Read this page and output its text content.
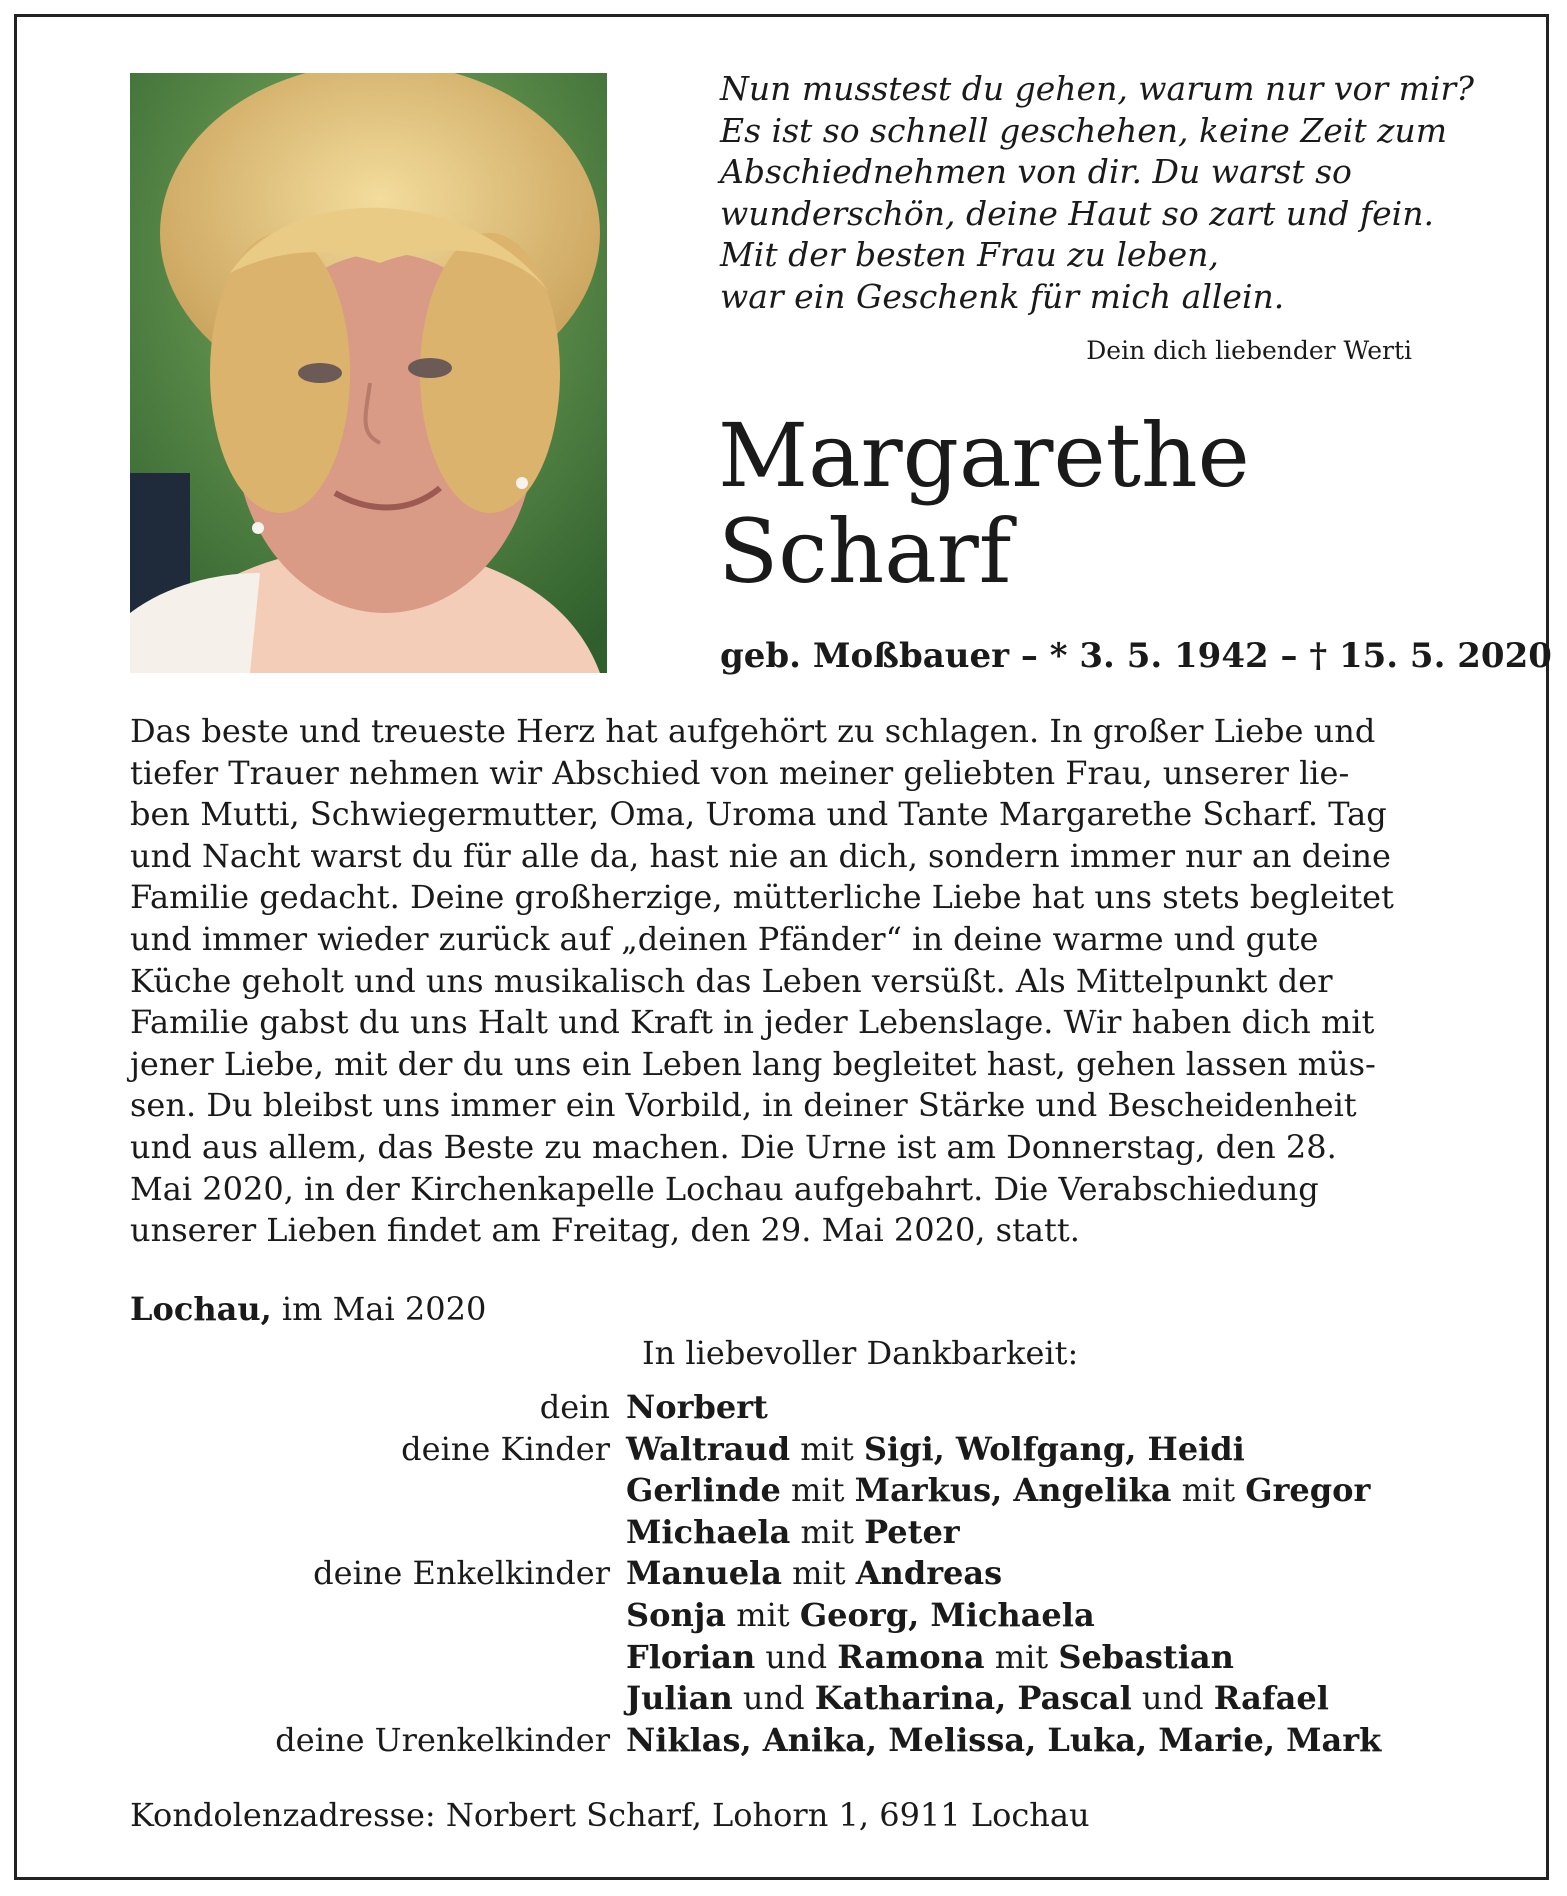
Nun musstest du gehen, warum nur vor mir?
Es ist so schnell geschehen, keine Zeit zum
Abschiednehmen von dir. Du warst so
wunderschön, deine Haut so zart und fein.
Mit der besten Frau zu leben,
war ein Geschenk für mich allein.

Dein dich liebender Werti

Margarethe
Scharf

geb. Moßbauer – * 3. 5. 1942 – † 15. 5. 2020

Das beste und treueste Herz hat aufgehört zu schlagen. In großer Liebe und
tiefer Trauer nehmen wir Abschied von meiner geliebten Frau, unserer lie-
ben Mutti, Schwiegermutter, Oma, Uroma und Tante Margarethe Scharf. Tag
und Nacht warst du für alle da, hast nie an dich, sondern immer nur an deine
Familie gedacht. Deine großherzige, mütterliche Liebe hat uns stets begleitet
und immer wieder zurück auf „deinen Pfänder“ in deine warme und gute
Küche geholt und uns musikalisch das Leben versüßt. Als Mittelpunkt der
Familie gabst du uns Halt und Kraft in jeder Lebenslage. Wir haben dich mit
jener Liebe, mit der du uns ein Leben lang begleitet hast, gehen lassen müs-
sen. Du bleibst uns immer ein Vorbild, in deiner Stärke und Bescheidenheit
und aus allem, das Beste zu machen. Die Urne ist am Donnerstag, den 28.
Mai 2020, in der Kirchenkapelle Lochau aufgebahrt. Die Verabschiedung
unserer Lieben findet am Freitag, den 29. Mai 2020, statt.

Lochau, im Mai 2020

In liebevoller Dankbarkeit:

dein Norbert
deine Kinder Waltraud mit Sigi, Wolfgang, Heidi
Gerlinde mit Markus, Angelika mit Gregor
Michaela mit Peter
deine Enkelkinder Manuela mit Andreas
Sonja mit Georg, Michaela
Florian und Ramona mit Sebastian
Julian und Katharina, Pascal und Rafael
deine Urenkelkinder Niklas, Anika, Melissa, Luka, Marie, Mark

Kondolenzadresse: Norbert Scharf, Lohorn 1, 6911 Lochau
